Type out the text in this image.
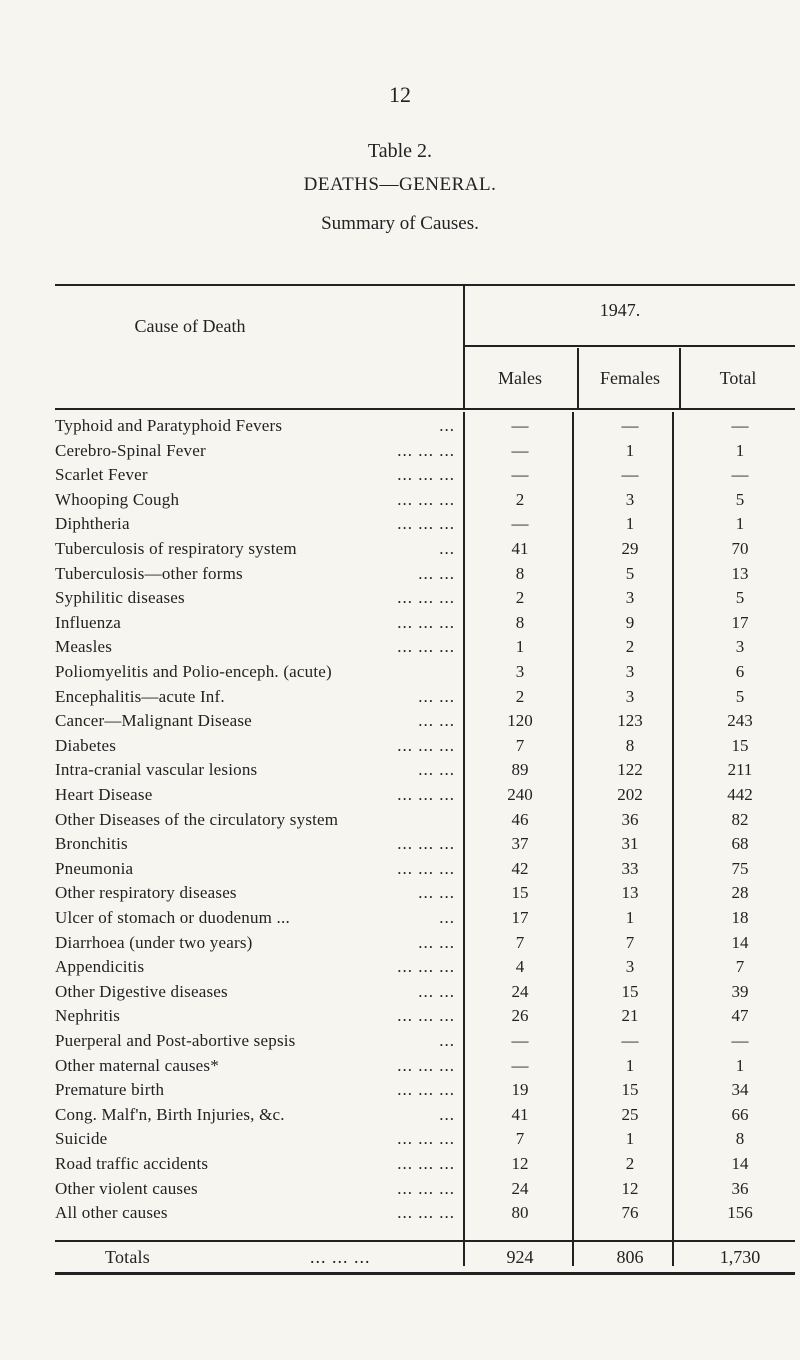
12
Table 2.
DEATHS—GENERAL.
Summary of Causes.
Cause of Death
1947.
Males	Females	Total
Typhoid and Paratyphoid Fevers	...	—	—	—
Cerebro-Spinal Fever	... ... ...	—	1	1
Scarlet Fever	... ... ...	—	—	—
Whooping Cough	... ... ...	2	3	5
Diphtheria	... ... ...	—	1	1
Tuberculosis of respiratory system	...	41	29	70
Tuberculosis—other forms	... ...	8	5	13
Syphilitic diseases	... ... ...	2	3	5
Influenza	... ... ...	8	9	17
Measles	... ... ...	1	2	3
Poliomyelitis and Polio-enceph. (acute)	3	3	6
Encephalitis—acute Inf.	... ...	2	3	5
Cancer—Malignant Disease	... ...	120	123	243
Diabetes	... ... ...	7	8	15
Intra-cranial vascular lesions	... ...	89	122	211
Heart Disease	... ... ...	240	202	442
Other Diseases of the circulatory system	46	36	82
Bronchitis	... ... ...	37	31	68
Pneumonia	... ... ...	42	33	75
Other respiratory diseases	... ...	15	13	28
Ulcer of stomach or duodenum ...	...	17	1	18
Diarrhoea (under two years)	... ...	7	7	14
Appendicitis	... ... ...	4	3	7
Other Digestive diseases	... ...	24	15	39
Nephritis	... ... ...	26	21	47
Puerperal and Post-abortive sepsis	...	—	—	—
Other maternal causes*	... ... ...	—	1	1
Premature birth	... ... ...	19	15	34
Cong. Malf'n, Birth Injuries, &c.	...	41	25	66
Suicide	... ... ...	7	1	8
Road traffic accidents	... ... ...	12	2	14
Other violent causes	... ... ...	24	12	36
All other causes	... ... ...	80	76	156
Totals	... ... ...	924	806	1,730
